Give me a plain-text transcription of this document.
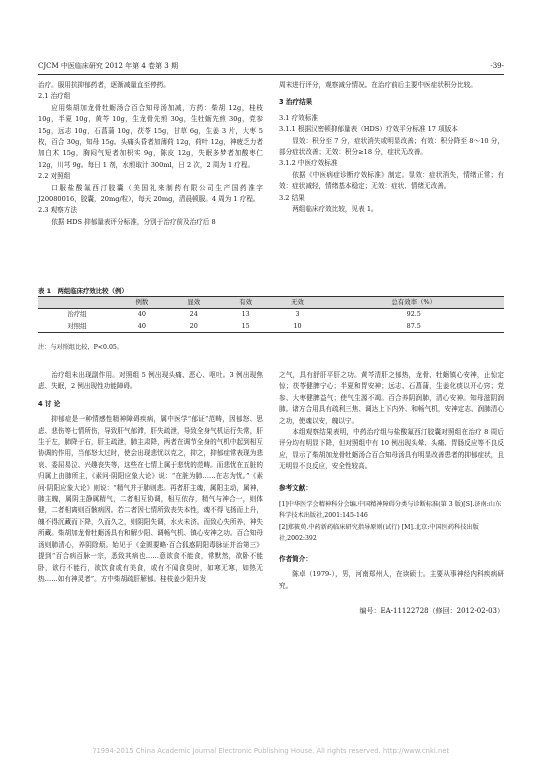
CJCM 中医临床研究 2012 年第 4 卷第 3 期	-39-

治疗。服用抗抑郁药者，逐渐减量直至停药。

2.1 治疗组

应用柴胡加龙骨牡蛎汤合百合知母汤加减，方药：柴胡 12g，桂枝 10g，半夏 10g，黄芩 10g，生龙骨先煎 30g，生牡蛎先煎 30g，党参 15g，远志 10g，石菖蒲 10g，茯苓 15g，甘草 6g，生姜 3 片，大枣 5 枚，百合 30g，知母 15g。头痛头昏者加薄荷 12g，荷叶 12g，神疲乏力者加白术 15g，胸闷气短者加枳实 9g，陈皮 12g，失眠多梦者加酸枣仁 12g，川芎 9g。每日 1 剂，水煎取汁 300ml，日 2 次，2 周为 1 疗程。

2.2 对照组

口服盐酸氟西汀胶囊（美国礼来制药有限公司生产国药准字 J20080016，胶囊，20mg/粒），每天 20mg，清晨顿服。4 周为 1 疗程。

2.3 观察方法

依据 HDS 抑郁量表评分标准，分别于治疗前及治疗后 8

周末进行评分，观察减分情况。在治疗前后主要中医症状积分比较。

3 治疗结果

3.1 疗效标准

3.1.1 根据汉密顿抑郁量表（HDS）疗效平分标准 17 项版本

显效：积分至 7 分，症状消失或明显改善；有效：积分降至 8～10 分，部分症状改善；无效：积分≥18 分，症状无改善。

3.1.2 中医疗效标准

依据《中医病症诊断疗效标准》制定。显效：症状消失，情绪正常；有效：症状减轻，情绪基本稳定；无效：症状、情绪无改善。

3.2 结果

两组临床疗效比较，见表 1。

表 1　两组临床疗效比较（例）
	例数	显效	有效	无效	总有效率（%）
治疗组	40	24	13	3	92.5
对照组	40	20	15	10	87.5
注：与对照组比较，P<0.05。

治疗组未出现副作用。对照组 5 例出现头痛、恶心、呕吐。3 例出现焦虑、失眠，2 例出现性功能障碍。

4 讨 论

抑郁症是一种情感性精神障碍疾病，属中医学“郁证”范畴，因郁怒、思虑、悲伤等七情所伤，导致肝气郁滞，肝失疏泄，导致全身气机运行失常，肝生于左，肺降于右，肝主疏泄，肺主肃降，两者在调节全身的气机中起到相互协调的作用，当郁怒太过时，使会出现悲忧以克之，抑之，抑郁症常表现为悲哀、委屈易泣、兴趣丧失等，这些在七情上属于悲忧的范畴。而悲忧在五脏的归属上由肺所主，《素问·阴阳应象大论》说：“在脏为肺……在志为忧。”《素问·阴阳应象大论》则说：“精气并于肺则悲。再者肝主魂，属阳主动，属神，肺主魄，属阴主静属精气，二者相互协调，相互依存，精气与神合一，则体健，二者相离则百骸病因。若二者因七情所致丧失本性，魂不得飞扬而上升，魄不得沉藏而下降，久而久之，则阴阳失调，水火未济。而致心失所养，神失所藏。柴胡加龙骨牡蛎汤具有和解少阳、调畅气机、镇心安神之功。百合知母汤则肺清心，养阴除烦。始见于《金匮要略·百合狐惑阴阳毒脉证并治第三》提到“百合病百脉一宗，悉致其病也……意欲食不能食，常默然，欲卧不能卧，欲行不能行，欲饮食或有美食，或有不闻食臭时，如寒无寒，如热无热……如有神灵者”。方中柴胡疏肝解郁。桂枝姜少阳升发

之气，具有舒肝平肝之功。黄芩清肝之郁热，龙骨、牡蛎镇心安神，止惊定惊；茯苓健脾宁心；半夏和胃安神；远志、石菖蒲，生姜化痰以开心窍；党参、大枣健脾益气；使气生源不竭。百合养阴润肺，清心安神。知母滋阴润肺。诸方合用具有疏利三焦、调达上下内外、和畅气机，安神定志、润肺清心之功，使魂以安，魄以宁。

本组观察结果表明，中药治疗组与盐酸氟西汀胶囊对照组在治疗 8 周后评分均有明显下降，但对照组中有 10 例出现头晕、头痛、胃肠反应等不良反应，显示了柴胡加龙骨牡蛎汤合百合知母汤具有明显改善患者的抑郁症状，且无明显不良反应，安全性较高。

参考文献：
[1]中华医学会精神科分会编.中国精神障碍分类与诊断标准(第 3 版)[S].济南:山东科学技术出版社,2001:145-146
[2]郑筱萸.中药新药临床研究指导原则(试行) [M].北京:中国医药科技出版社,2002:392
作者简介：

陈卓（1979-），男，河南郑州人，在读硕士。主要从事神经内科疾病研究。

编号：EA-11122728（修回：2012-02-03）
?1994-2015 China Academic Journal Electronic Publishing House. All rights reserved. http://www.cnki.net
